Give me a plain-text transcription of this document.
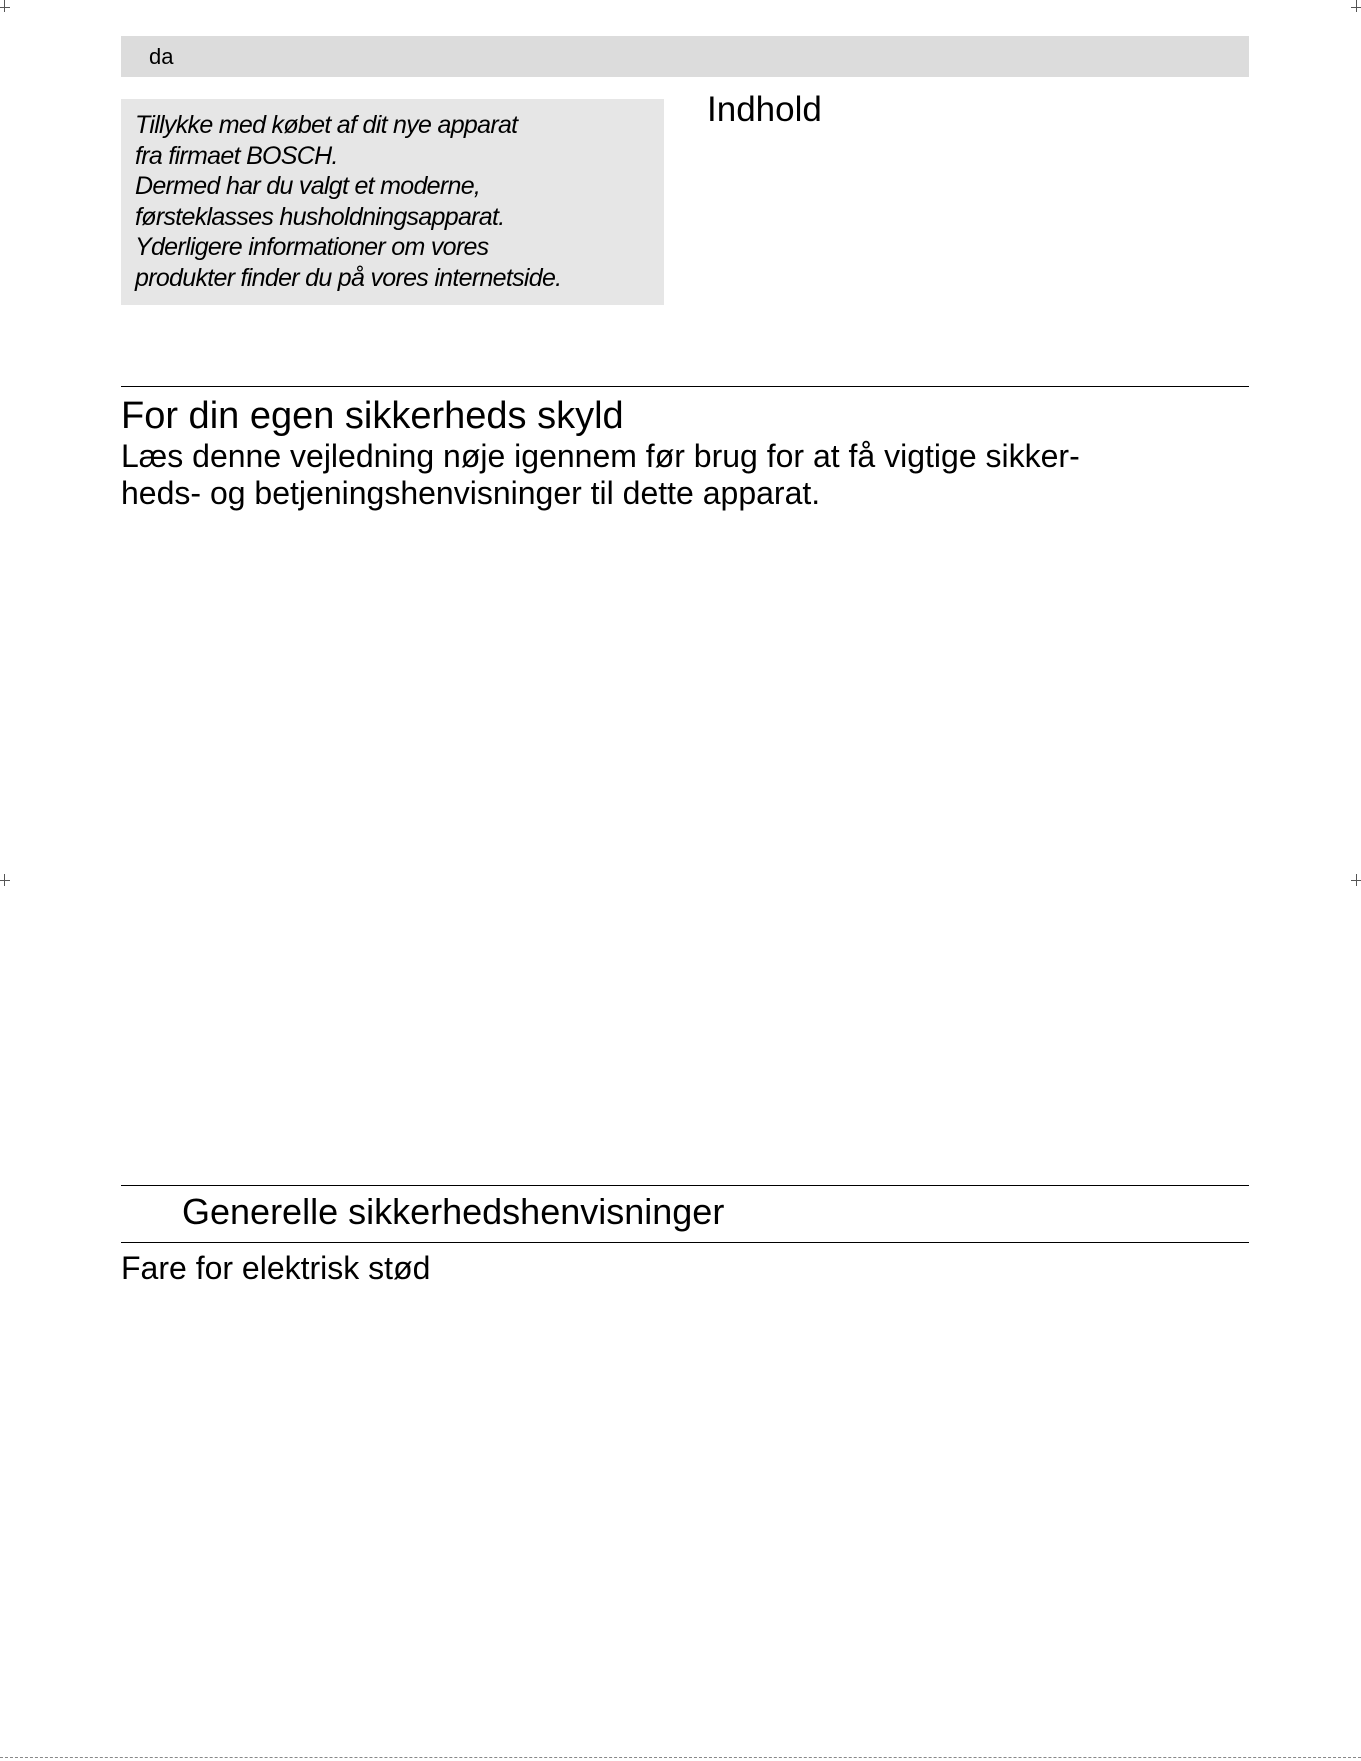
da
Tillykke med købet af dit nye apparat
fra firmaet BOSCH.
Dermed har du valgt et moderne,
førsteklasses husholdningsapparat.
Yderligere informationer om vores
produkter finder du på vores internetside.
Indhold
For din egen sikkerheds skyld
Læs denne vejledning nøje igennem før brug for at få vigtige sikker-
heds- og betjeningshenvisninger til dette apparat.
Generelle sikkerhedshenvisninger
Fare for elektrisk stød
